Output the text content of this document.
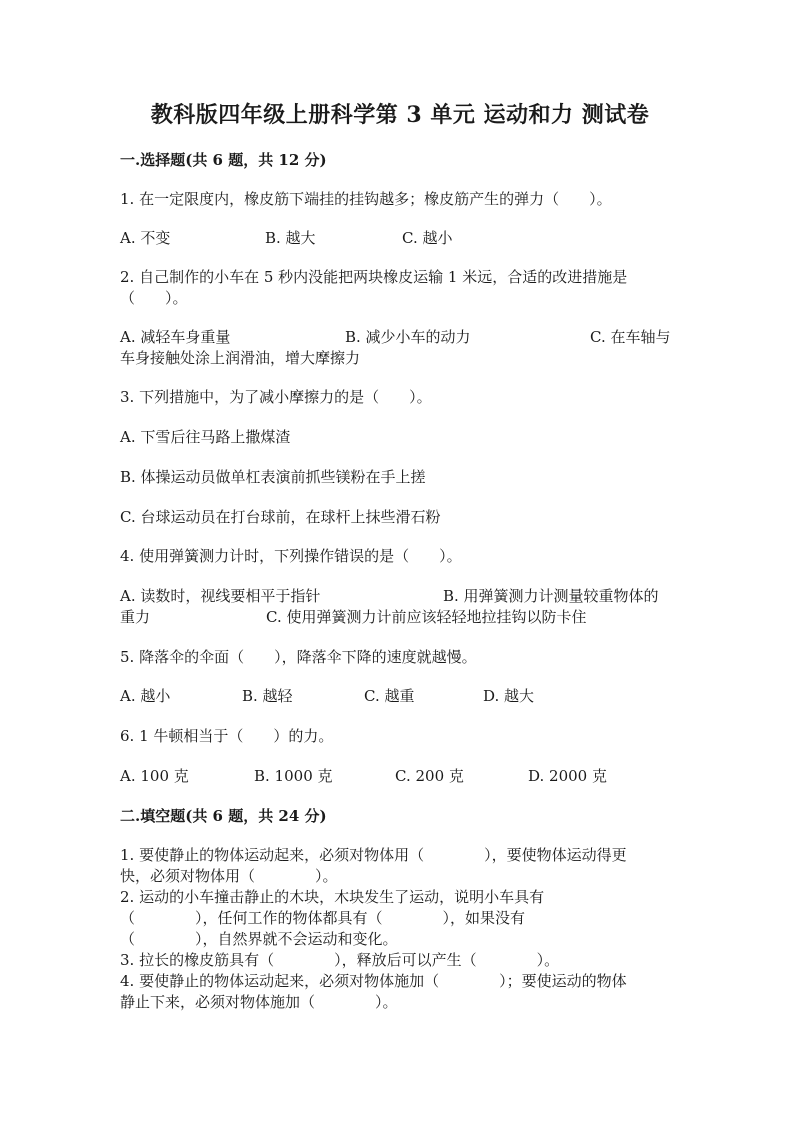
教科版四年级上册科学第 3 单元 运动和力 测试卷
一.选择题(共 6 题，共 12 分)
1. 在一定限度内，橡皮筋下端挂的挂钩越多；橡皮筋产生的弹力（　　）。
A. 不变	B. 越大	C. 越小
2. 自己制作的小车在 5 秒内没能把两块橡皮运输 1 米远，合适的改进措施是
（　　）。
A. 减轻车身重量	B. 减少小车的动力	C. 在车轴与
车身接触处涂上润滑油，增大摩擦力
3. 下列措施中，为了减小摩擦力的是（　　）。
A. 下雪后往马路上撒煤渣
B. 体操运动员做单杠表演前抓些镁粉在手上搓
C. 台球运动员在打台球前，在球杆上抹些滑石粉
4. 使用弹簧测力计时，下列操作错误的是（　　）。
A. 读数时，视线要相平于指针	B. 用弹簧测力计测量较重物体的
重力	C. 使用弹簧测力计前应该轻轻地拉挂钩以防卡住
5. 降落伞的伞面（　　），降落伞下降的速度就越慢。
A. 越小	B. 越轻	C. 越重	D. 越大
6. 1 牛顿相当于（　　）的力。
A. 100 克	B. 1000 克	C. 200 克	D. 2000 克
二.填空题(共 6 题，共 24 分)
1. 要使静止的物体运动起来，必须对物体用（　　　　），要使物体运动得更
快，必须对物体用（　　　　）。
2. 运动的小车撞击静止的木块，木块发生了运动，说明小车具有
（　　　　），任何工作的物体都具有（　　　　），如果没有
（　　　　），自然界就不会运动和变化。
3. 拉长的橡皮筋具有（　　　　），释放后可以产生（　　　　）。
4. 要使静止的物体运动起来，必须对物体施加（　　　　）；要使运动的物体
静止下来，必须对物体施加（　　　　）。
